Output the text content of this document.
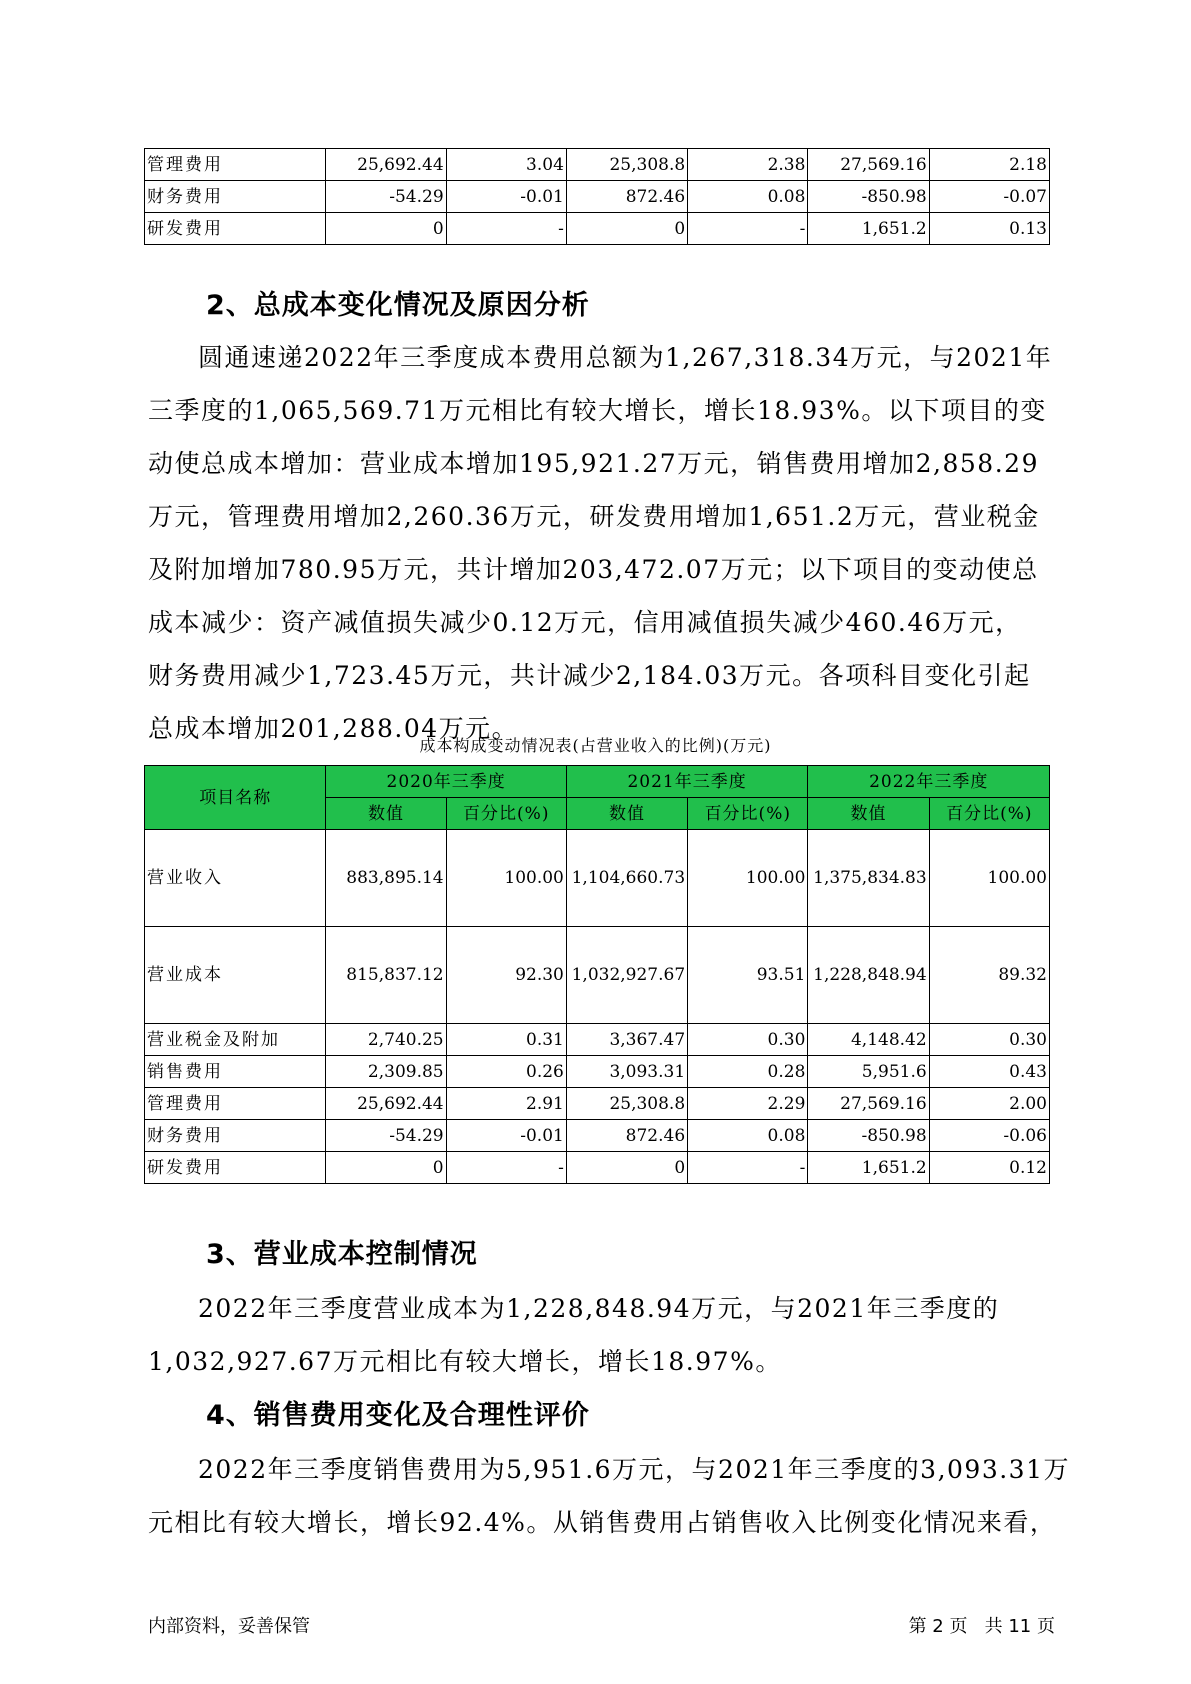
管理费用	25,692.44	3.04	25,308.8	2.38	27,569.16	2.18
财务费用	-54.29	-0.01	872.46	0.08	-850.98	-0.07
研发费用	0	-	0	-	1,651.2	0.13
2、总成本变化情况及原因分析
圆通速递2022年三季度成本费用总额为1,267,318.34万元，与2021年
三季度的1,065,569.71万元相比有较大增长，增长18.93%。以下项目的变
动使总成本增加：营业成本增加195,921.27万元，销售费用增加2,858.29
万元，管理费用增加2,260.36万元，研发费用增加1,651.2万元，营业税金
及附加增加780.95万元，共计增加203,472.07万元；以下项目的变动使总
成本减少：资产减值损失减少0.12万元，信用减值损失减少460.46万元，
财务费用减少1,723.45万元，共计减少2,184.03万元。各项科目变化引起
总成本增加201,288.04万元。
成本构成变动情况表(占营业收入的比例)(万元)
项目名称	2020年三季度		2021年三季度		2022年三季度	
	数值	百分比(%)	数值	百分比(%)	数值	百分比(%)
营业收入	883,895.14	100.00	1,104,660.73	100.00	1,375,834.83	100.00
营业成本	815,837.12	92.30	1,032,927.67	93.51	1,228,848.94	89.32
营业税金及附加	2,740.25	0.31	3,367.47	0.30	4,148.42	0.30
销售费用	2,309.85	0.26	3,093.31	0.28	5,951.6	0.43
管理费用	25,692.44	2.91	25,308.8	2.29	27,569.16	2.00
财务费用	-54.29	-0.01	872.46	0.08	-850.98	-0.06
研发费用	0	-	0	-	1,651.2	0.12
3、营业成本控制情况
2022年三季度营业成本为1,228,848.94万元，与2021年三季度的
1,032,927.67万元相比有较大增长，增长18.97%。
4、销售费用变化及合理性评价
2022年三季度销售费用为5,951.6万元，与2021年三季度的3,093.31万
元相比有较大增长，增长92.4%。从销售费用占销售收入比例变化情况来看，
内部资料，妥善保管	第 2 页   共 11 页
